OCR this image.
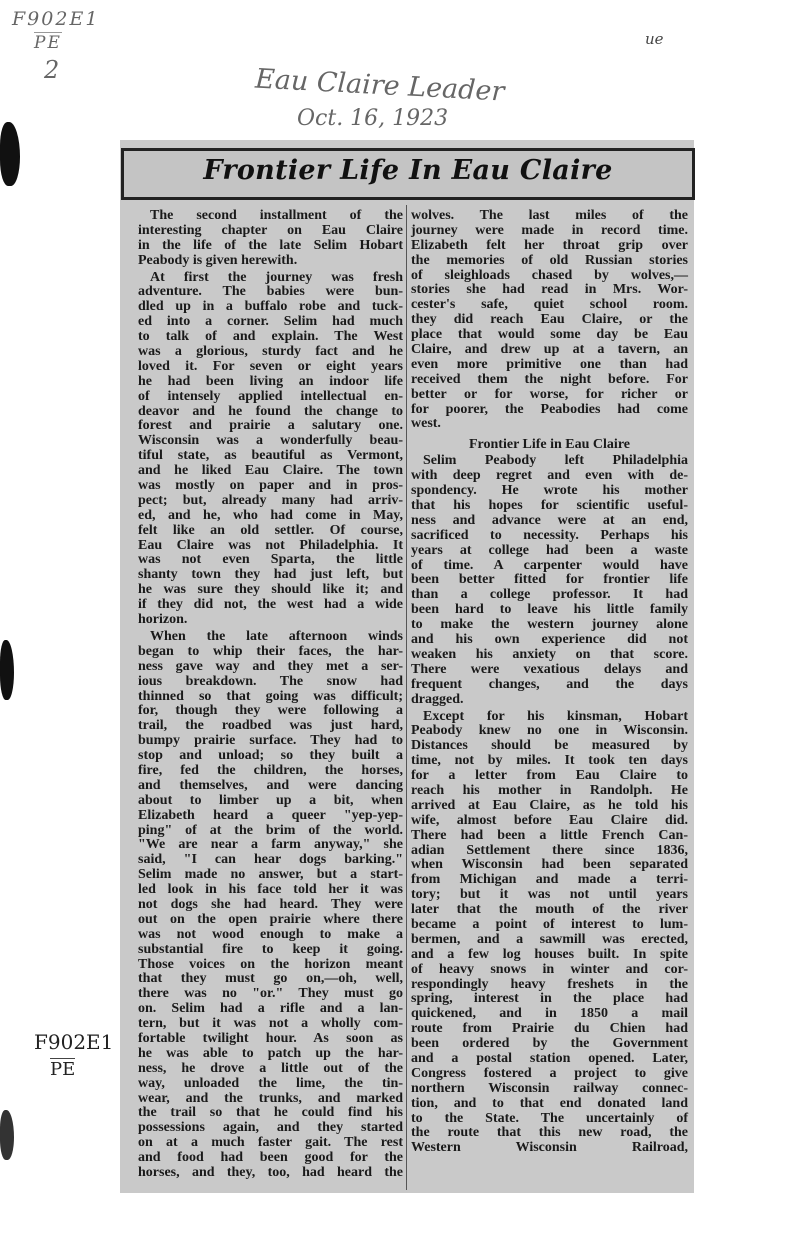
F902E1
PE
2
ue
Eau Claire Leader
Oct. 16, 1923
F902E1
PE
Frontier Life In Eau Claire
The second installment of the
interesting chapter on Eau Claire
in the life of the late Selim Hobart
Peabody is given herewith.
At first the journey was fresh
adventure. The babies were bun-
dled up in a buffalo robe and tuck-
ed into a corner. Selim had much
to talk of and explain. The West
was a glorious, sturdy fact and he
loved it. For seven or eight years
he had been living an indoor life
of intensely applied intellectual en-
deavor and he found the change to
forest and prairie a salutary one.
Wisconsin was a wonderfully beau-
tiful state, as beautiful as Vermont,
and he liked Eau Claire. The town
was mostly on paper and in pros-
pect; but, already many had arriv-
ed, and he, who had come in May,
felt like an old settler. Of course,
Eau Claire was not Philadelphia. It
was not even Sparta, the little
shanty town they had just left, but
he was sure they should like it; and
if they did not, the west had a wide
horizon.
When the late afternoon winds
began to whip their faces, the har-
ness gave way and they met a ser-
ious breakdown. The snow had
thinned so that going was difficult;
for, though they were following a
trail, the roadbed was just hard,
bumpy prairie surface. They had to
stop and unload; so they built a
fire, fed the children, the horses,
and themselves, and were dancing
about to limber up a bit, when
Elizabeth heard a queer "yep-yep-
ping" of at the brim of the world.
"We are near a farm anyway," she
said, "I can hear dogs barking."
Selim made no answer, but a start-
led look in his face told her it was
not dogs she had heard. They were
out on the open prairie where there
was not wood enough to make a
substantial fire to keep it going.
Those voices on the horizon meant
that they must go on,—oh, well,
there was no "or." They must go
on. Selim had a rifle and a lan-
tern, but it was not a wholly com-
fortable twilight hour. As soon as
he was able to patch up the har-
ness, he drove a little out of the
way, unloaded the lime, the tin-
wear, and the trunks, and marked
the trail so that he could find his
possessions again, and they started
on at a much faster gait. The rest
and food had been good for the
horses, and they, too, had heard the
wolves. The last miles of the
journey were made in record time.
Elizabeth felt her throat grip over
the memories of old Russian stories
of sleighloads chased by wolves,—
stories she had read in Mrs. Wor-
cester's safe, quiet school room.
they did reach Eau Claire, or the
place that would some day be Eau
Claire, and drew up at a tavern, an
even more primitive one than had
received them the night before. For
better or for worse, for richer or
for poorer, the Peabodies had come
west.
Frontier Life in Eau Claire
Selim Peabody left Philadelphia
with deep regret and even with de-
spondency. He wrote his mother
that his hopes for scientific useful-
ness and advance were at an end,
sacrificed to necessity. Perhaps his
years at college had been a waste
of time. A carpenter would have
been better fitted for frontier life
than a college professor. It had
been hard to leave his little family
to make the western journey alone
and his own experience did not
weaken his anxiety on that score.
There were vexatious delays and
frequent changes, and the days
dragged.
Except for his kinsman, Hobart
Peabody knew no one in Wisconsin.
Distances should be measured by
time, not by miles. It took ten days
for a letter from Eau Claire to
reach his mother in Randolph. He
arrived at Eau Claire, as he told his
wife, almost before Eau Claire did.
There had been a little French Can-
adian Settlement there since 1836,
when Wisconsin had been separated
from Michigan and made a terri-
tory; but it was not until years
later that the mouth of the river
became a point of interest to lum-
bermen, and a sawmill was erected,
and a few log houses built. In spite
of heavy snows in winter and cor-
respondingly heavy freshets in the
spring, interest in the place had
quickened, and in 1850 a mail
route from Prairie du Chien had
been ordered by the Government
and a postal station opened. Later,
Congress fostered a project to give
northern Wisconsin railway connec-
tion, and to that end donated land
to the State. The uncertainly of
the route that this new road, the
Western Wisconsin Railroad,
